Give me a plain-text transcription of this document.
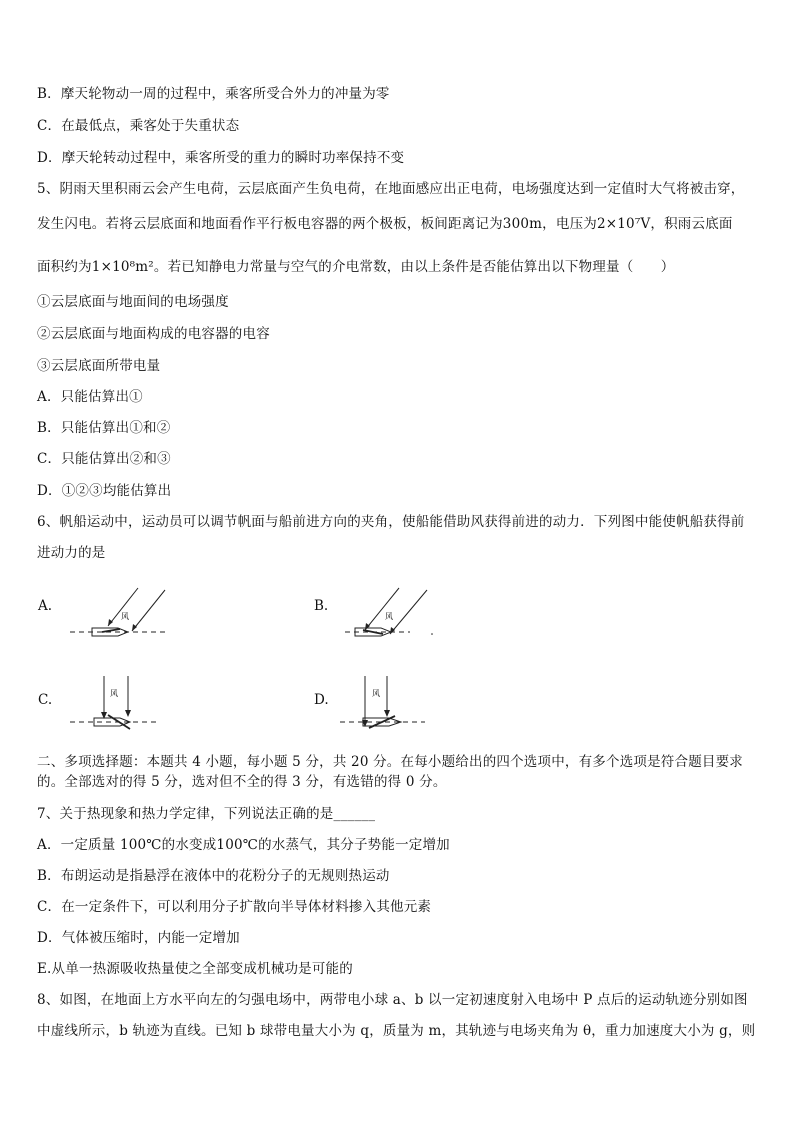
B．摩天轮物动一周的过程中，乘客所受合外力的冲量为零
C．在最低点，乘客处于失重状态
D．摩天轮转动过程中，乘客所受的重力的瞬时功率保持不变
5、阴雨天里积雨云会产生电荷，云层底面产生负电荷，在地面感应出正电荷，电场强度达到一定值时大气将被击穿，
发生闪电。若将云层底面和地面看作平行板电容器的两个极板，板间距离记为300m，电压为2×10⁷V，积雨云底面
面积约为1×10⁸m²。若已知静电力常量与空气的介电常数，由以上条件是否能估算出以下物理量（　　）
①云层底面与地面间的电场强度
②云层底面与地面构成的电容器的电容
③云层底面所带电量
A．只能估算出①
B．只能估算出①和②
C．只能估算出②和③
D．①②③均能估算出
6、帆船运动中，运动员可以调节帆面与船前进方向的夹角，使船能借助风获得前进的动力．下列图中能使帆船获得前
进动力的是
A.
风
B.
风
C.	风	D.	风
二、多项选择题：本题共 4 小题，每小题 5 分，共 20 分。在每小题给出的四个选项中，有多个选项是符合题目要求的。全部选对的得 5 分，选对但不全的得 3 分，有选错的得 0 分。
7、关于热现象和热力学定律，下列说法正确的是______
A．一定质量 100℃的水变成100℃的水蒸气，其分子势能一定增加
B．布朗运动是指悬浮在液体中的花粉分子的无规则热运动
C．在一定条件下，可以利用分子扩散向半导体材料掺入其他元素
D．气体被压缩时，内能一定增加
E.从单一热源吸收热量使之全部变成机械功是可能的
8、如图，在地面上方水平向左的匀强电场中，两带电小球 a、b 以一定初速度射入电场中 P 点后的运动轨迹分别如图
中虚线所示，b 轨迹为直线。已知 b 球带电量大小为 q，质量为 m，其轨迹与电场夹角为 θ，重力加速度大小为 g，则
